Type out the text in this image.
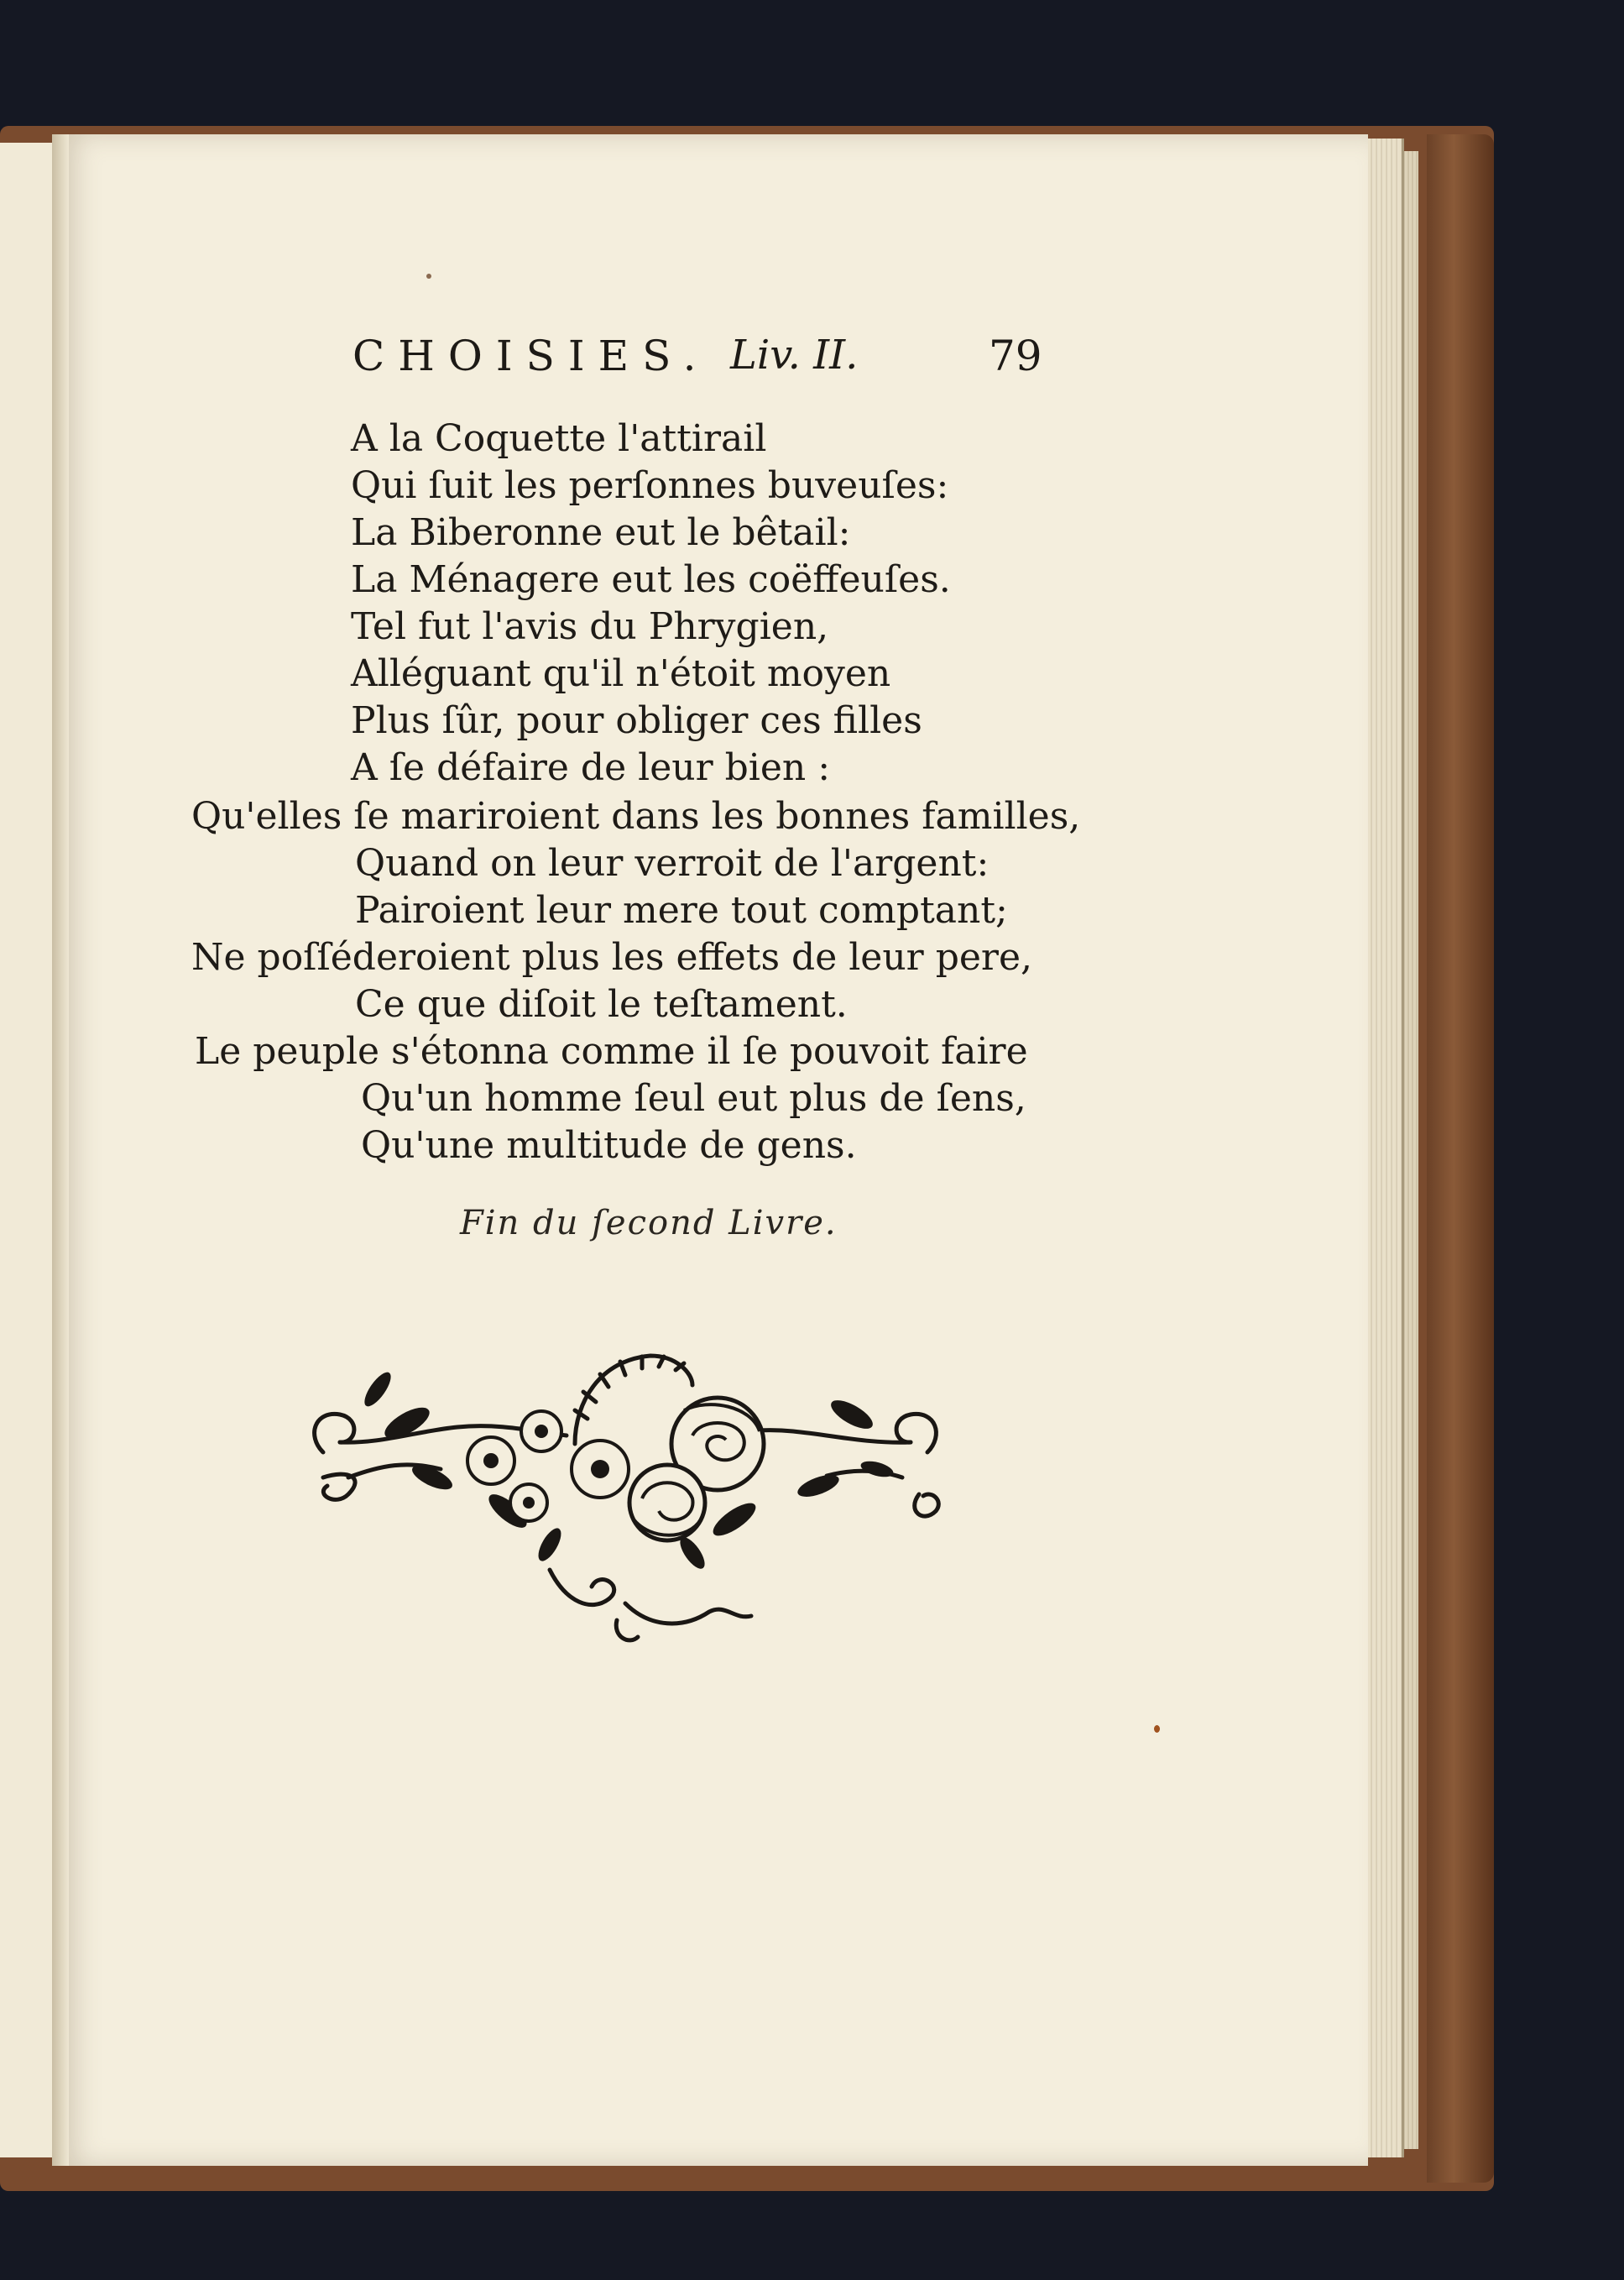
CHOISIES. Liv. II.	79
A la Coquette l'attirail
Qui ſuit les perſonnes buveuſes:
La Biberonne eut le bêtail:
La Ménagere eut les coëffeuſes.
Tel fut l'avis du Phrygien,
Alléguant qu'il n'étoit moyen
Plus ſûr, pour obliger ces filles
A ſe défaire de leur bien :
Qu'elles ſe mariroient dans les bonnes familles,
Quand on leur verroit de l'argent:
Pairoient leur mere tout comptant;
Ne poſſéderoient plus les effets de leur pere,
Ce que diſoit le teſtament.
Le peuple s'étonna comme il ſe pouvoit faire
Qu'un homme ſeul eut plus de ſens,
Qu'une multitude de gens.
Fin du ſecond Livre.
